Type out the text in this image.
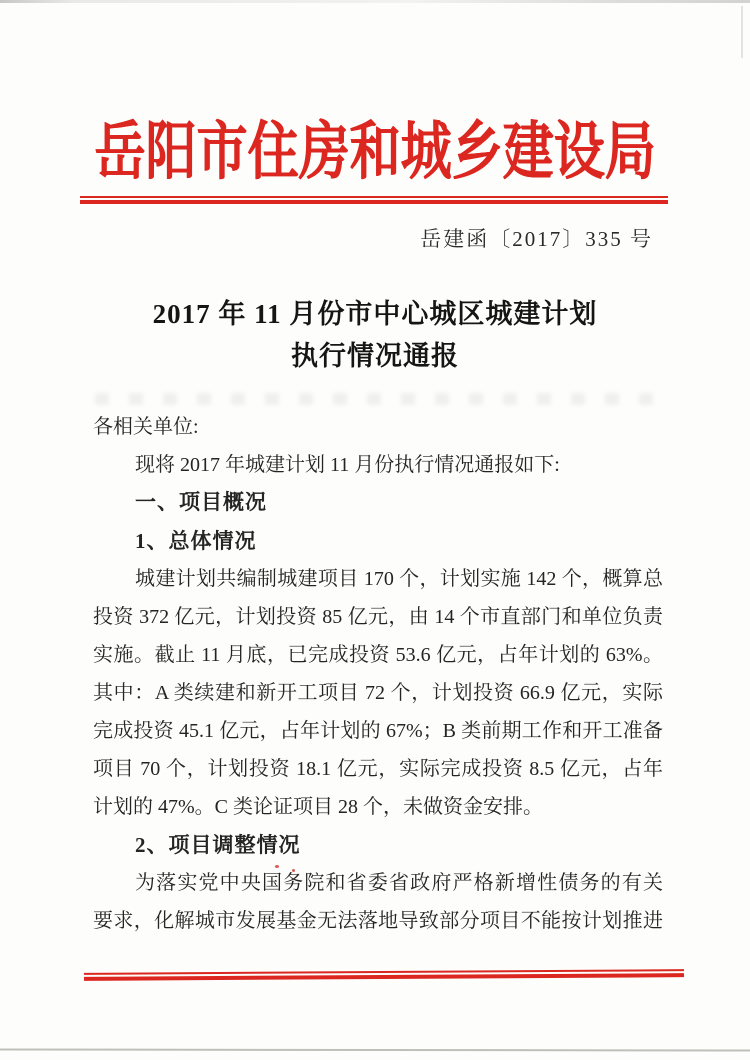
岳阳市住房和城乡建设局
岳建函〔2017〕335 号
2017 年 11 月份市中心城区城建计划
执行情况通报
各相关单位:
现将 2017 年城建计划 11 月份执行情况通报如下:
一、项目概况
1、总体情况
城建计划共编制城建项目 170 个，计划实施 142 个，概算总
投资 372 亿元，计划投资 85 亿元，由 14 个市直部门和单位负责
实施。截止 11 月底，已完成投资 53.6 亿元，占年计划的 63%。
其中：A 类续建和新开工项目 72 个，计划投资 66.9 亿元，实际
完成投资 45.1 亿元，占年计划的 67%；B 类前期工作和开工准备
项目 70 个，计划投资 18.1 亿元，实际完成投资 8.5 亿元，占年
计划的 47%。C 类论证项目 28 个，未做资金安排。
2、项目调整情况
为落实党中央国务院和省委省政府严格新增性债务的有关
要求，化解城市发展基金无法落地导致部分项目不能按计划推进
